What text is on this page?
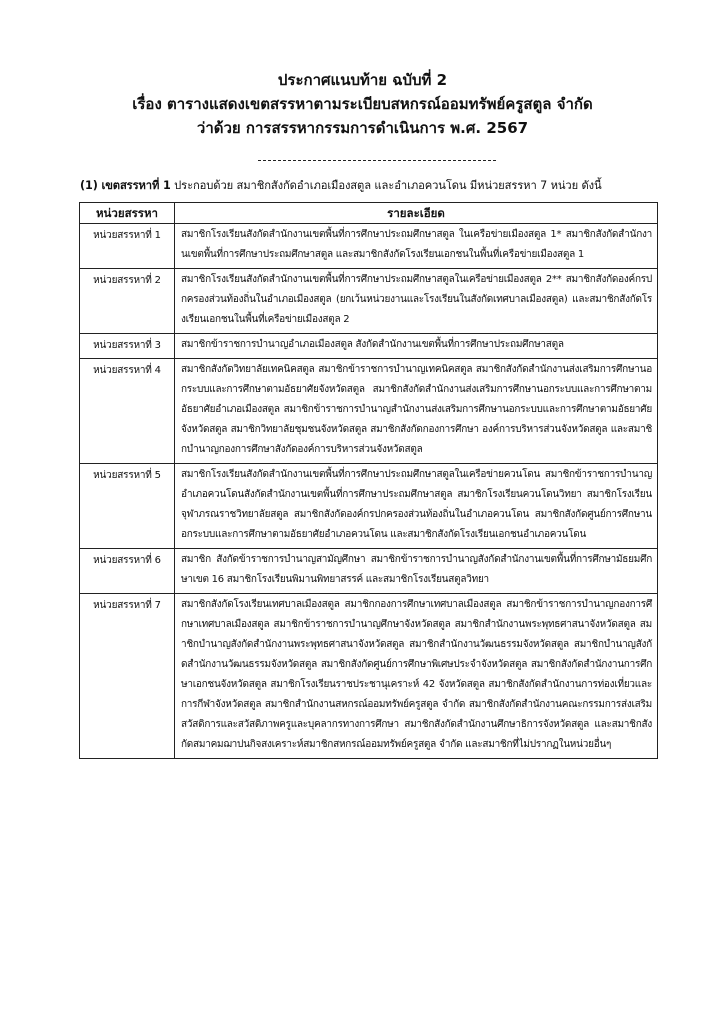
ประกาศแนบท้าย ฉบับที่ 2
เรื่อง ตารางแสดงเขตสรรหาตามระเบียบสหกรณ์ออมทรัพย์ครูสตูล จำกัด
ว่าด้วย การสรรหากรรมการดำเนินการ พ.ศ. 2567
(1) เขตสรรหาที่ 1 ประกอบด้วย สมาชิกสังกัดอำเภอเมืองสตูล และอำเภอควนโดน มีหน่วยสรรหา 7 หน่วย ดังนี้
หน่วยสรรหา	รายละเอียด
หน่วยสรรหาที่ 1	สมาชิกโรงเรียนสังกัดสำนักงานเขตพื้นที่การศึกษาประถมศึกษาสตูล ในเครือข่ายเมืองสตูล 1* สมาชิกสังกัดสำนักงานเขตพื้นที่การศึกษาประถมศึกษาสตูล และสมาชิกสังกัดโรงเรียนเอกชนในพื้นที่เครือข่ายเมืองสตูล 1
หน่วยสรรหาที่ 2	สมาชิกโรงเรียนสังกัดสำนักงานเขตพื้นที่การศึกษาประถมศึกษาสตูลในเครือข่ายเมืองสตูล 2** สมาชิกสังกัดองค์กรปกครองส่วนท้องถิ่นในอำเภอเมืองสตูล (ยกเว้นหน่วยงานและโรงเรียนในสังกัดเทศบาลเมืองสตูล) และสมาชิกสังกัดโรงเรียนเอกชนในพื้นที่เครือข่ายเมืองสตูล 2
หน่วยสรรหาที่ 3	สมาชิกข้าราชการบำนาญอำเภอเมืองสตูล สังกัดสำนักงานเขตพื้นที่การศึกษาประถมศึกษาสตูล
หน่วยสรรหาที่ 4	สมาชิกสังกัดวิทยาลัยเทคนิคสตูล สมาชิกข้าราชการบำนาญเทคนิคสตูล สมาชิกสังกัดสำนักงานส่งเสริมการศึกษานอกระบบและการศึกษาตามอัธยาศัยจังหวัดสตูล สมาชิกสังกัดสำนักงานส่งเสริมการศึกษานอกระบบและการศึกษาตามอัธยาศัยอำเภอเมืองสตูล สมาชิกข้าราชการบำนาญสำนักงานส่งเสริมการศึกษานอกระบบและการศึกษาตามอัธยาศัยจังหวัดสตูล สมาชิกวิทยาลัยชุมชนจังหวัดสตูล สมาชิกสังกัดกองการศึกษา องค์การบริหารส่วนจังหวัดสตูล และสมาชิกบำนาญกองการศึกษาสังกัดองค์การบริหารส่วนจังหวัดสตูล
หน่วยสรรหาที่ 5	สมาชิกโรงเรียนสังกัดสำนักงานเขตพื้นที่การศึกษาประถมศึกษาสตูลในเครือข่ายควนโดน สมาชิกข้าราชการบำนาญอำเภอควนโดนสังกัดสำนักงานเขตพื้นที่การศึกษาประถมศึกษาสตูล สมาชิกโรงเรียนควนโดนวิทยา สมาชิกโรงเรียนจุฬาภรณราชวิทยาลัยสตูล สมาชิกสังกัดองค์กรปกครองส่วนท้องถิ่นในอำเภอควนโดน สมาชิกสังกัดศูนย์การศึกษานอกระบบและการศึกษาตามอัธยาศัยอำเภอควนโดน และสมาชิกสังกัดโรงเรียนเอกชนอำเภอควนโดน
หน่วยสรรหาที่ 6	สมาชิก สังกัดข้าราชการบำนาญสามัญศึกษา สมาชิกข้าราชการบำนาญสังกัดสำนักงานเขตพื้นที่การศึกษามัธยมศึกษาเขต 16 สมาชิกโรงเรียนพิมานพิทยาสรรค์ และสมาชิกโรงเรียนสตูลวิทยา
หน่วยสรรหาที่ 7	สมาชิกสังกัดโรงเรียนเทศบาลเมืองสตูล สมาชิกกองการศึกษาเทศบาลเมืองสตูล สมาชิกข้าราชการบำนาญกองการศึกษาเทศบาลเมืองสตูล สมาชิกข้าราชการบำนาญศึกษาจังหวัดสตูล สมาชิกสำนักงานพระพุทธศาสนาจังหวัดสตูล สมาชิกบำนาญสังกัดสำนักงานพระพุทธศาสนาจังหวัดสตูล สมาชิกสำนักงานวัฒนธรรมจังหวัดสตูล สมาชิกบำนาญสังกัดสำนักงานวัฒนธรรมจังหวัดสตูล สมาชิกสังกัดศูนย์การศึกษาพิเศษประจำจังหวัดสตูล สมาชิกสังกัดสำนักงานการศึกษาเอกชนจังหวัดสตูล สมาชิกโรงเรียนราชประชานุเคราะห์ 42 จังหวัดสตูล สมาชิกสังกัดสำนักงานการท่องเที่ยวและการกีฬาจังหวัดสตูล สมาชิกสำนักงานสหกรณ์ออมทรัพย์ครูสตูล จำกัด สมาชิกสังกัดสำนักงานคณะกรรมการส่งเสริมสวัสดิการและสวัสดิภาพครูและบุคลากรทางการศึกษา สมาชิกสังกัดสำนักงานศึกษาธิการจังหวัดสตูล และสมาชิกสังกัดสมาคมฌาปนกิจสงเคราะห์สมาชิกสหกรณ์ออมทรัพย์ครูสตูล จำกัด และสมาชิกที่ไม่ปรากฏในหน่วยอื่นๆ
